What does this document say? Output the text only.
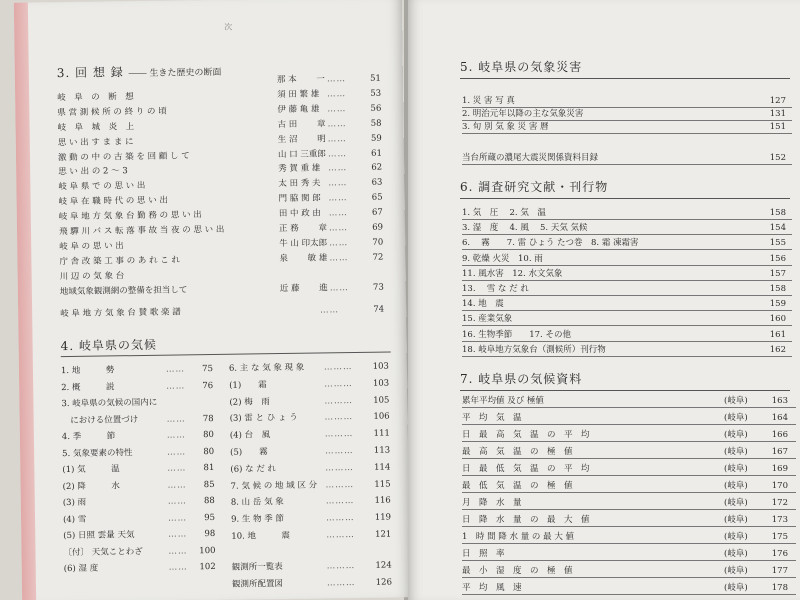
次
3. 回 想 録 ―― 生きた歴史の断面
那 本 　　一 ……	51
岐　阜　の　断　想	須 田 繁 雄 ……	53
県 営 測 候 所 の 終 り の 頃	伊 藤 亀 雄 ……	56
岐　阜　城　炎　上	古 田 　　章 ……	58
思 い 出 す ま ま に	生 沼 　　明 ……	59
激 動 の 中 の 古 築 を 回 顧 し て	山 口 三重郎 ……	61
思 い 出 の 2 〜 3	秀 賀 重 雄 ……	62
岐 阜 県 で の 思 い 出	太 田 秀 夫 ……	63
岐 阜 在 職 時 代 の 思 い 出	門 脇 関 郎 ……	65
岐 阜 地 方 気 象 台 勤 務 の 思 い 出	田 中 政 由 ……	67
飛 驒 川 バ ス 転 落 事 故 当 夜 の 思 い 出	正 務 　　章 ……	69
岐 阜 の 思 い 出	牛 山 印太郎 ……	70
庁 舎 改 築 工 事 の あ れ こ れ	泉 　　敏 雄 ……	72
川 辺 の 気 象 台
地域気象観測網の整備を担当して	近 藤 　　進 ……	73
岐 阜 地 方 気 象 台 賛 歌 楽 譜	……	74
4. 岐阜県の気候
1. 地　　　勢	……	75
2. 概　　　説	……	76
3. 岐阜県の気候の国内に
　における位置づけ	……	78
4. 季　　　節	……	80
5. 気象要素の特性	……	80
(1) 気　　　温	……	81
(2) 降　　　水	……	85
(3) 雨	……	88
(4) 雪	……	95
(5) 日照 雲量 天気	……	98
〔付〕 天気ことわざ	……	100
(6) 湿 度	……	102
6. 主 な 気 象 現 象 ………	103
(1)　　霜	………	103
(2) 梅　雨	………	105
(3) 雷 と ひ ょ う	………	106
(4) 台　風	………	111
(5)　　霧	………	113
(6) な だ れ	………	114
7. 気 候 の 地 域 区 分 ………	115
8. 山 岳 気 象	………	116
9. 生 物 季 節	………	119
10. 地　　　震	………	121
観測所一覧表	………	124
観測所配置図	………	126
5. 岐阜県の気象災害
1. 災 害 写 真	127
2. 明治元年以降の主な気象災害	131
3. 旬 別 気 象 災 害 暦	151
当台所蔵の濃尾大震災関係資料目録	152
6. 調査研究文献・刊行物
1. 気　圧　 2. 気　温	158
3. 湿　度　 4. 風　 5. 天気 気候	154
6. 　霧　　7. 雷 ひょう たつ巻　8. 霜 凍霜害	155
9. 乾燥 火災　10. 雨	156
11. 風水害　12. 水文気象	157
13. 　雪 な だ れ	158
14. 地　震	159
15. 産業気象	160
16. 生物季節　　17. その他	161
18. 岐阜地方気象台（測候所）刊行物	162
7. 岐阜県の気候資料
累年平均値 及び 極値	(岐阜)	163
平　均　気　温	(岐阜)	164
日　最　高　気　温　の　平　均	(岐阜)	166
最　高　気　温　の　極　値	(岐阜)	167
日　最　低　気　温　の　平　均	(岐阜)	169
最　低　気　温　の　極　値	(岐阜)	170
月　降　水　量	(岐阜)	172
日　降　水　量　の　最　大　値	(岐阜)	173
1　時 間 降 水 量 の 最 大 値	(岐阜)	175
日　照　率	(岐阜)	176
最　小　湿　度　の　極　値	(岐阜)	177
平　均　風　速	(岐阜)	178
